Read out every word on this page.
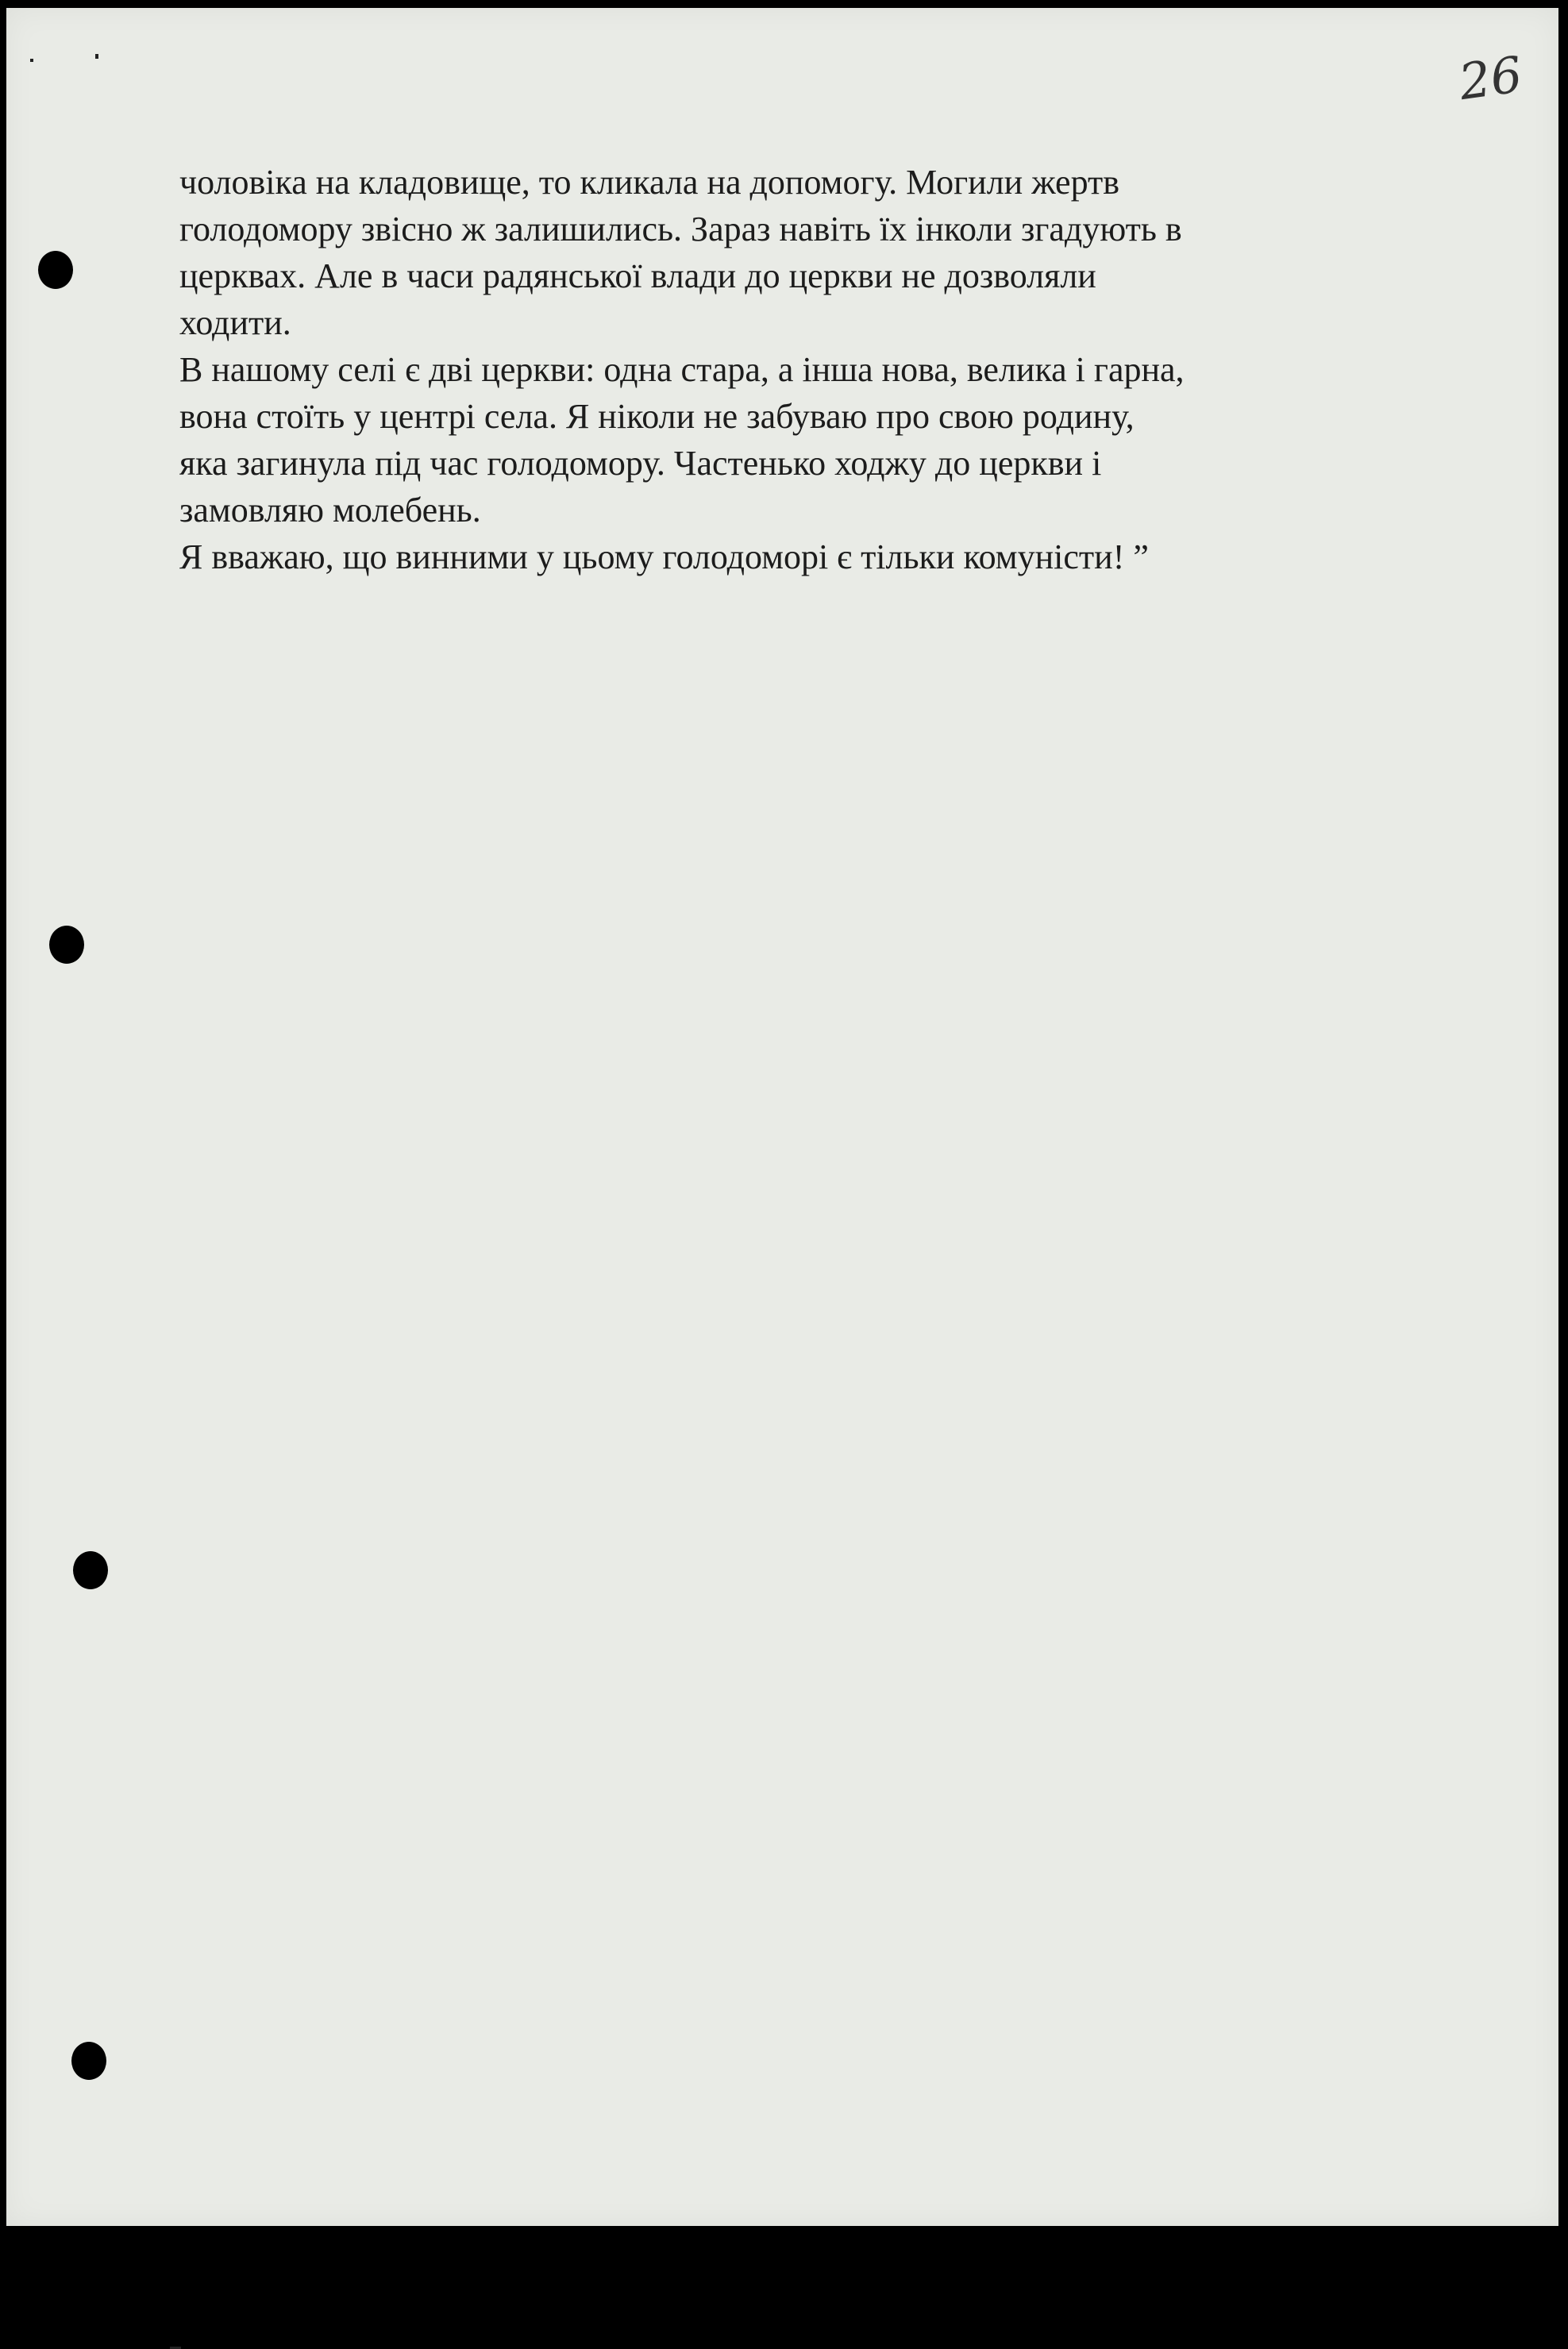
26
чоловіка на кладовище, то кликала на допомогу. Могили жертв
голодомору звісно ж залишились. Зараз навіть їх інколи згадують в
церквах. Але в часи радянської влади до церкви не дозволяли
ходити.
В нашому селі є дві церкви: одна стара, а інша нова, велика і гарна,
вона стоїть у центрі села. Я ніколи не забуваю про свою родину,
яка загинула під час голодомору. Частенько ходжу до церкви і
замовляю молебень.
Я вважаю, що винними у цьому голодоморі є тільки комуністи! ”
